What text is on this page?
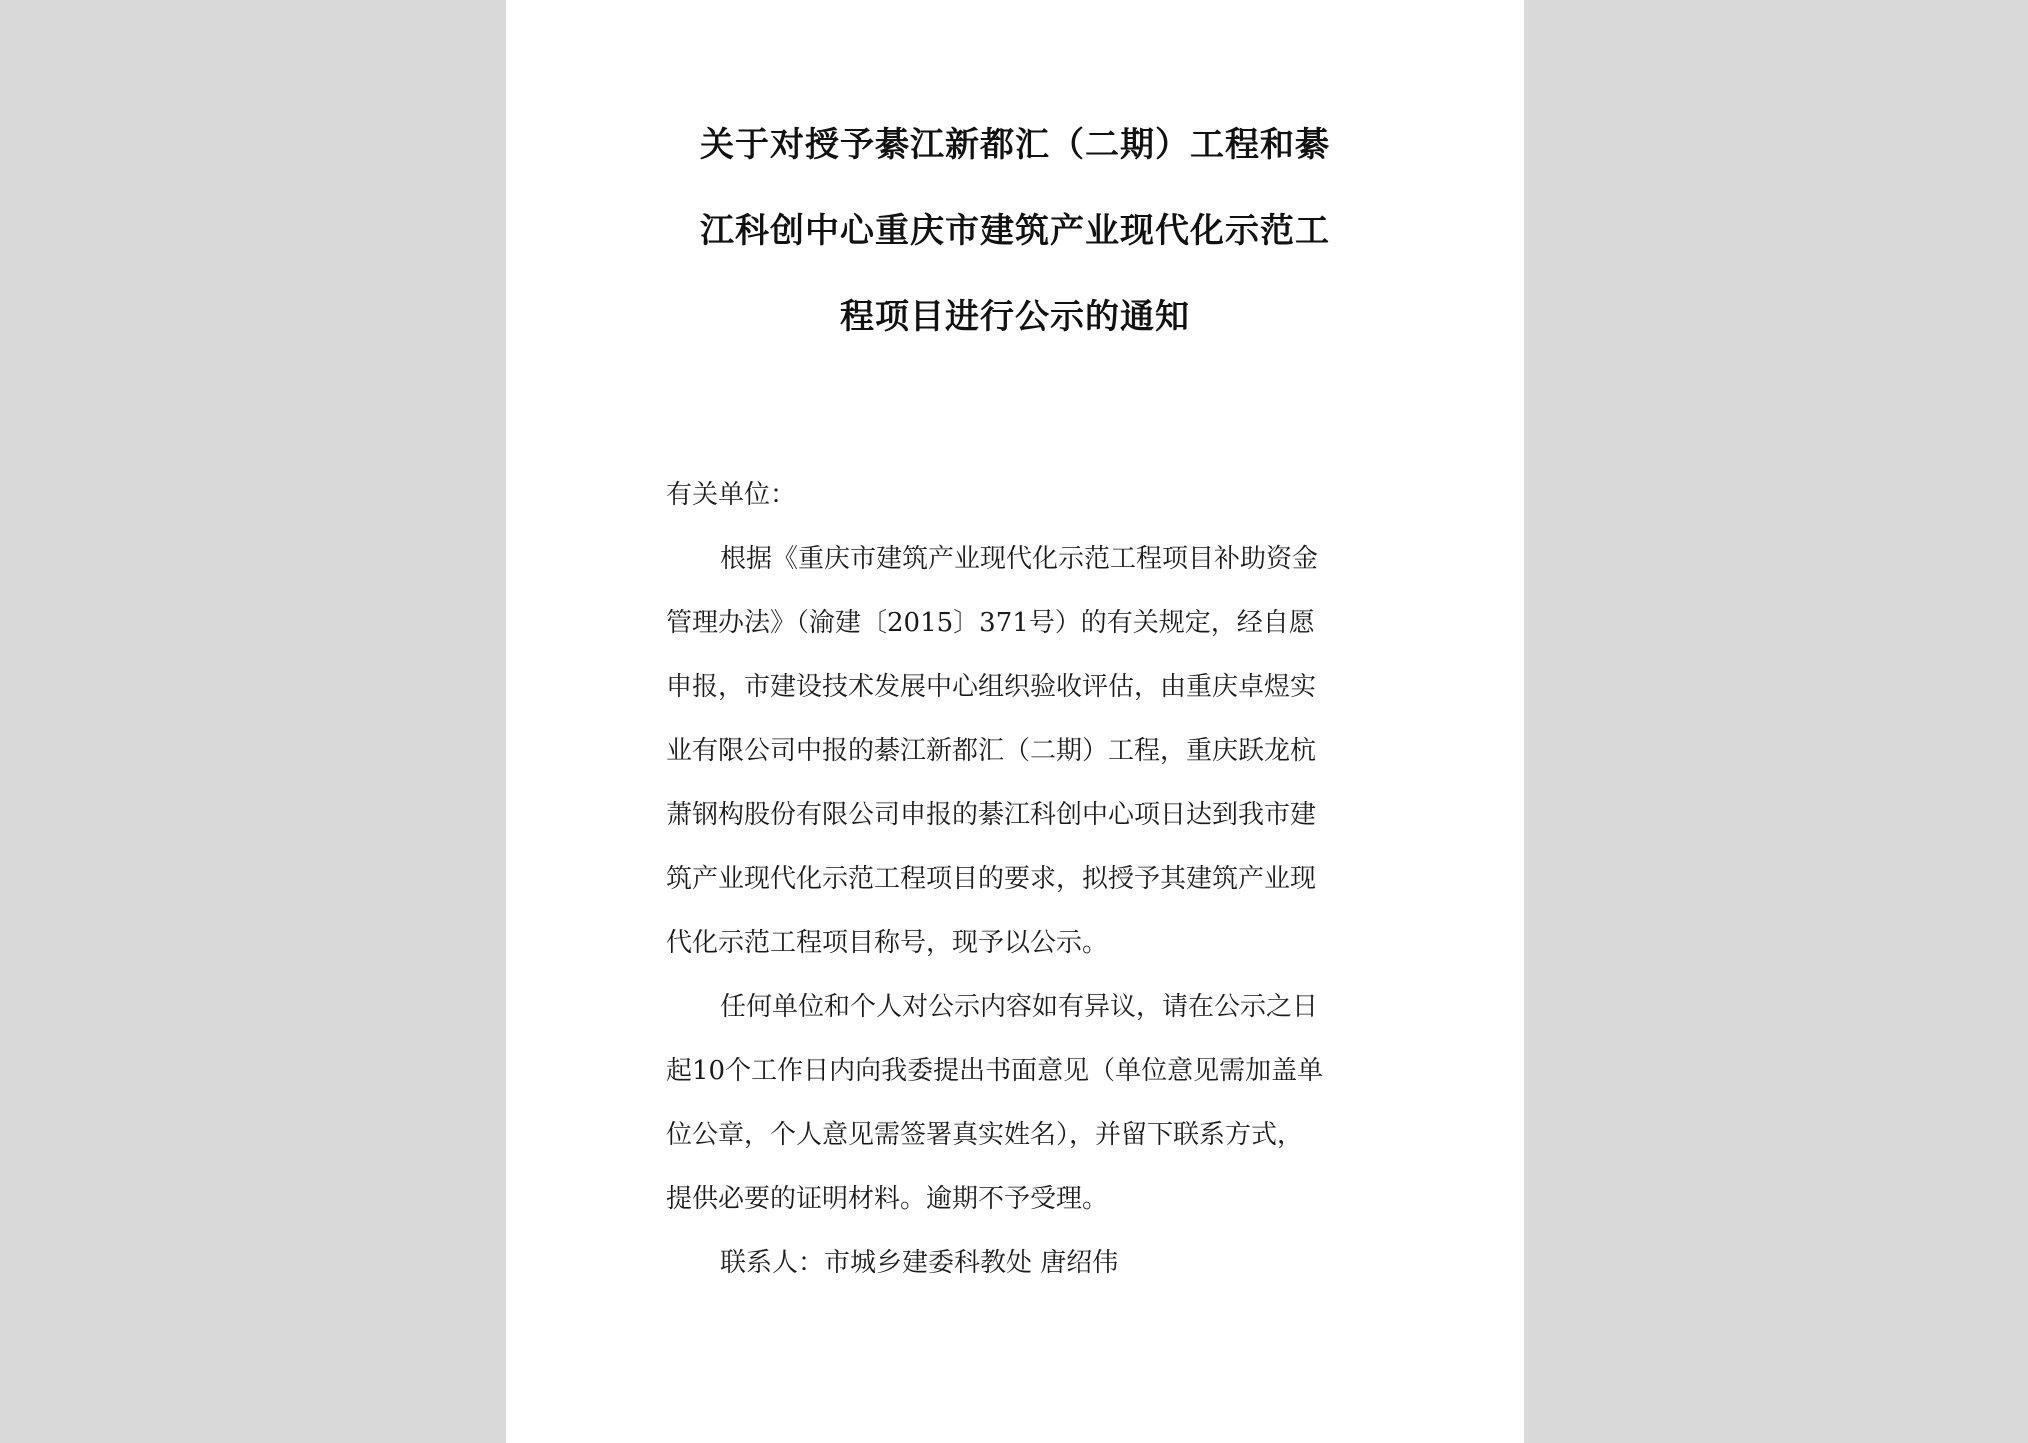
关于对授予綦江新都汇（二期）工程和綦
江科创中心重庆市建筑产业现代化示范工
程项目进行公示的通知
有关单位：
根据《重庆市建筑产业现代化示范工程项目补助资金
管理办法》（渝建〔2015〕371号）的有关规定，经自愿
申报，市建设技术发展中心组织验收评估，由重庆卓煜实
业有限公司中报的綦江新都汇（二期）工程，重庆跃龙杭
萧钢构股份有限公司申报的綦江科创中心项日达到我市建
筑产业现代化示范工程项目的要求，拟授予其建筑产业现
代化示范工程项目称号，现予以公示。
任何单位和个人对公示内容如有异议，请在公示之日
起10个工作日内向我委提出书面意见（单位意见需加盖单
位公章，个人意见需签署真实姓名），并留下联系方式，
提供必要的证明材料。逾期不予受理。
联系人：市城乡建委科教处 唐绍伟
